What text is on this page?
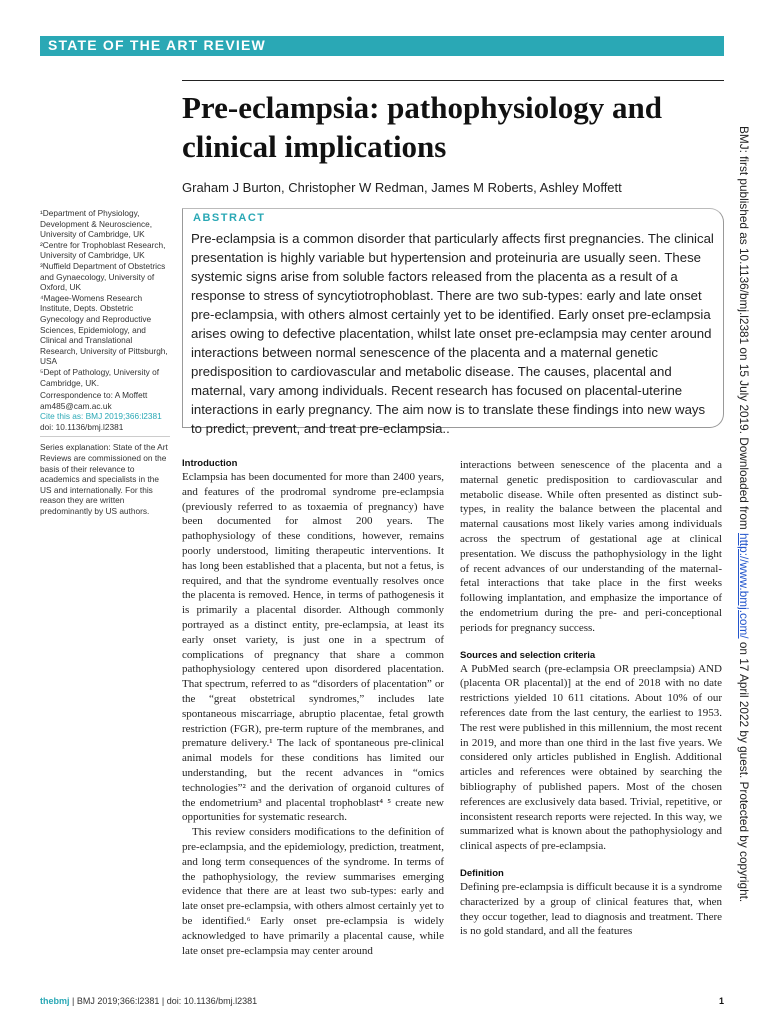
STATE OF THE ART REVIEW
Pre-eclampsia: pathophysiology and clinical implications
Graham J Burton, Christopher W Redman, James M Roberts, Ashley Moffett

¹Department of Physiology, Development & Neuroscience, University of Cambridge, UK

²Centre for Trophoblast Research, University of Cambridge, UK

³Nuffield Department of Obstetrics and Gynaecology, University of Oxford, UK

⁴Magee-Womens Research Institute, Depts. Obstetric Gynecology and Reproductive Sciences, Epidemiology, and Clinical and Translational Research, University of Pittsburgh, USA

⁵Dept of Pathology, University of Cambridge, UK.

Correspondence to: A Moffett

am485@cam.ac.uk

Cite this as: BMJ 2019;366:l2381

doi: 10.1136/bmj.l2381

Series explanation: State of the Art Reviews are commissioned on the basis of their relevance to academics and specialists in the US and internationally. For this reason they are written predominantly by US authors.

ABSTRACT
Pre-eclampsia is a common disorder that particularly affects first pregnancies. The clinical presentation is highly variable but hypertension and proteinuria are usually seen. These systemic signs arise from soluble factors released from the placenta as a result of a response to stress of syncytiotrophoblast. There are two sub-types: early and late onset pre-eclampsia, with others almost certainly yet to be identified. Early onset pre-eclampsia arises owing to defective placentation, whilst late onset pre-eclampsia may center around interactions between normal senescence of the placenta and a maternal genetic predisposition to cardiovascular and metabolic disease. The causes, placental and maternal, vary among individuals. Recent research has focused on placental-uterine interactions in early pregnancy. The aim now is to translate these findings into new ways to predict, prevent, and treat pre-eclampsia..
Introduction

Eclampsia has been documented for more than 2400 years, and features of the prodromal syndrome pre-eclampsia (previously referred to as toxaemia of pregnancy) have been documented for almost 200 years. The pathophysiology of these conditions, however, remains poorly understood, limiting therapeutic interventions. It has long been established that a placenta, but not a fetus, is required, and that the syndrome eventually resolves once the placenta is removed. Hence, in terms of pathogenesis it is primarily a placental disorder. Although commonly portrayed as a distinct entity, pre-eclampsia, at least its early onset variety, is just one in a spectrum of complications of pregnancy that share a common pathophysiology centered upon disordered placentation. That spectrum, referred to as “disorders of placentation” or the “great obstetrical syndromes,” includes late spontaneous miscarriage, abruptio placentae, fetal growth restriction (FGR), pre-term rupture of the membranes, and premature delivery.¹ The lack of spontaneous pre-clinical animal models for these conditions has limited our understanding, but the recent advances in “omics technologies”² and the derivation of organoid cultures of the endometrium³ and placental trophoblast⁴ ⁵ create new opportunities for systematic research.

This review considers modifications to the definition of pre-eclampsia, and the epidemiology, prediction, treatment, and long term consequences of the syndrome. In terms of the pathophysiology, the review summarises emerging evidence that there are at least two sub-types: early and late onset pre-eclampsia, with others almost certainly yet to be identified.⁶ Early onset pre-eclampsia is widely acknowledged to have primarily a placental cause, while late onset pre-eclampsia may center around

interactions between senescence of the placenta and a maternal genetic predisposition to cardiovascular and metabolic disease. While often presented as distinct sub-types, in reality the balance between the placental and maternal causations most likely varies among individuals across the spectrum of gestational age at clinical presentation. We discuss the pathophysiology in the light of recent advances of our understanding of the maternal-fetal interactions that take place in the first weeks following implantation, and emphasize the importance of the endometrium during the pre- and peri-conceptional periods for pregnancy success.

Sources and selection criteria

A PubMed search (pre-eclampsia OR preeclampsia) AND (placenta OR placental)] at the end of 2018 with no date restrictions yielded 10 611 citations. About 10% of our references date from the last century, the earliest to 1953. The rest were published in this millennium, the most recent in 2019, and more than one third in the last five years. We considered only articles published in English. Additional articles and references were obtained by searching the bibliography of published papers. Most of the chosen references are exclusively data based. Trivial, repetitive, or inconsistent research reports were rejected. In this way, we summarized what is known about the pathophysiology and clinical aspects of pre-eclampsia.

Definition

Defining pre-eclampsia is difficult because it is a syndrome characterized by a group of clinical features that, when they occur together, lead to diagnosis and treatment. There is no gold standard, and all the features

BMJ: first published as 10.1136/bmj.l2381 on 15 July 2019. Downloaded from http://www.bmj.com/ on 17 April 2022 by guest. Protected by copyright.
thebmj | BMJ 2019;366:l2381 | doi: 10.1136/bmj.l2381	1
